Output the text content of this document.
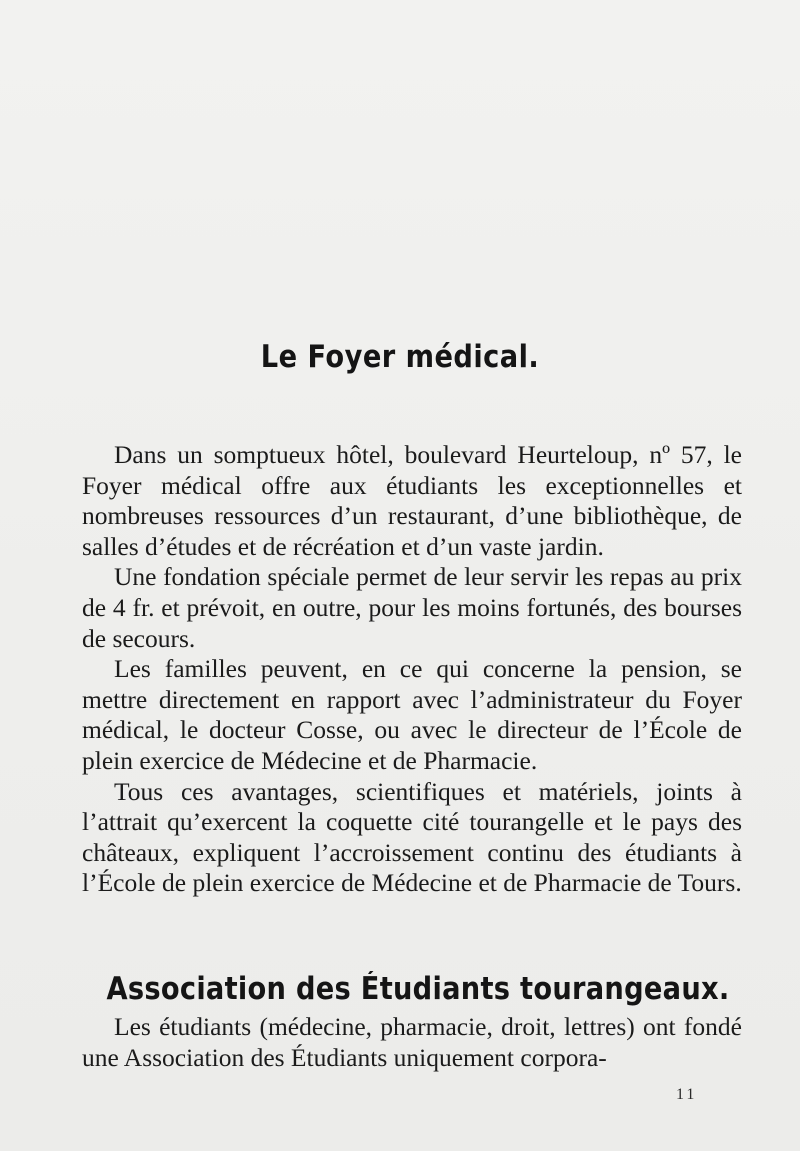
Le Foyer médical.

Dans un somptueux hôtel, boulevard Heurteloup, nº 57, le Foyer médical offre aux étudiants les exceptionnelles et nombreuses ressources d’un restaurant, d’une bibliothèque, de salles d’études et de récréation et d’un vaste jardin.

Une fondation spéciale permet de leur servir les repas au prix de 4 fr. et prévoit, en outre, pour les moins fortunés, des bourses de secours.

Les familles peuvent, en ce qui concerne la pension, se mettre directement en rapport avec l’administrateur du Foyer médical, le docteur Cosse, ou avec le directeur de l’École de plein exercice de Médecine et de Pharmacie.

Tous ces avantages, scientifiques et matériels, joints à l’attrait qu’exercent la coquette cité tourangelle et le pays des châteaux, expliquent l’accroissement continu des étudiants à l’École de plein exercice de Médecine et de Pharmacie de Tours.

Association des Étudiants tourangeaux.

Les étudiants (médecine, pharmacie, droit, lettres) ont fondé une Association des Étudiants uniquement corpora-

11
